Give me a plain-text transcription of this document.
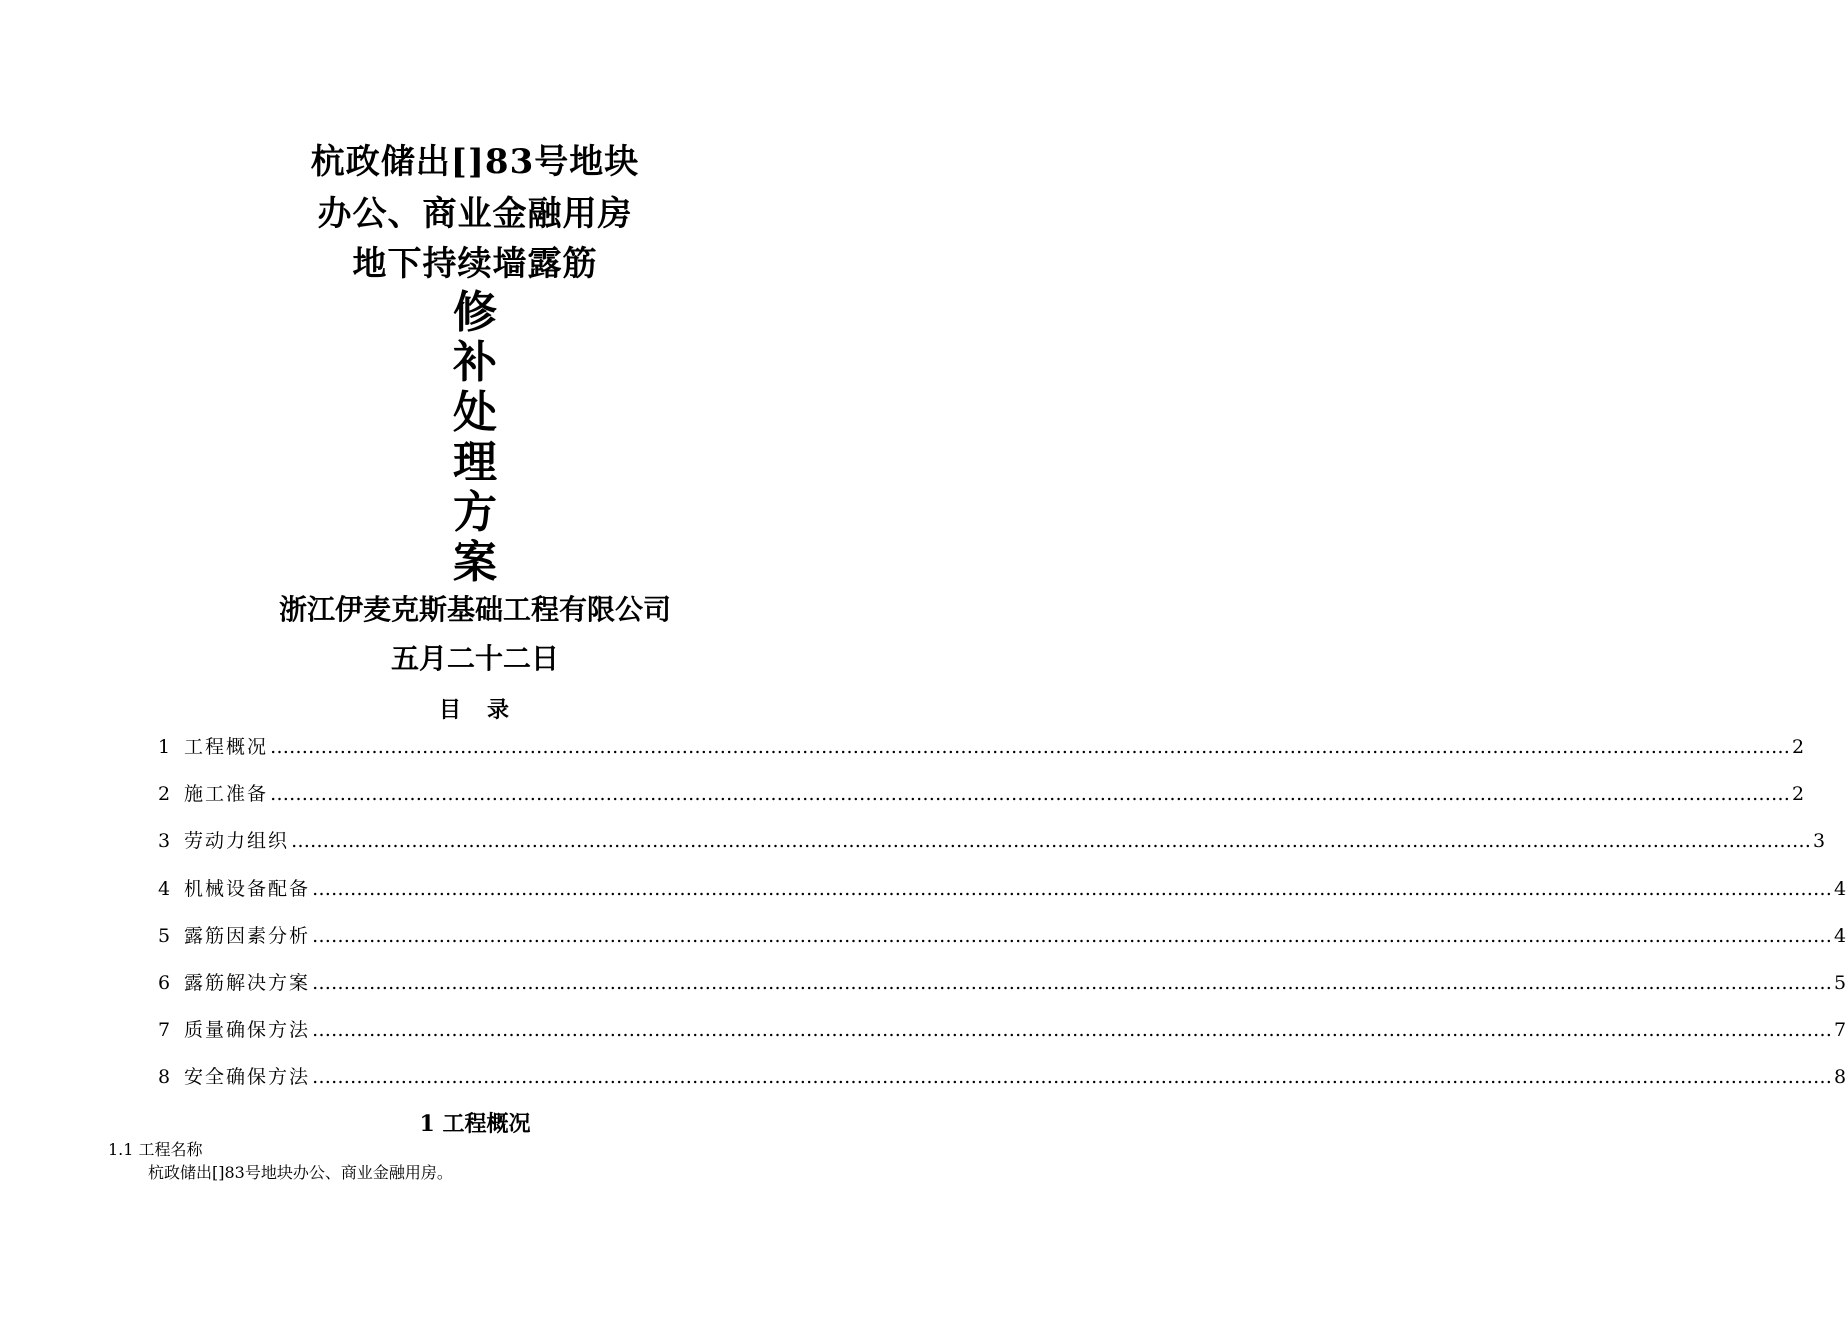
杭政储出[]83号地块
办公、商业金融用房
地下持续墙露筋
修
补
处
理
方
案
浙江伊麦克斯基础工程有限公司
五月二十二日
目　录
1 工程概况 …………………………………………………………………………………………………………………………………………………………………………………………………………………… 2
2 施工准备 …………………………………………………………………………………………………………………………………………………………………………………………………………………… 2
3 劳动力组织 …………………………………………………………………………………………………………………………………………………………………………………………………………………… 3
4 机械设备配备 …………………………………………………………………………………………………………………………………………………………………………………………………………………… 4
5 露筋因素分析 …………………………………………………………………………………………………………………………………………………………………………………………………………………… 4
6 露筋解决方案 …………………………………………………………………………………………………………………………………………………………………………………………………………………… 5
7 质量确保方法 …………………………………………………………………………………………………………………………………………………………………………………………………………………… 7
8 安全确保方法 …………………………………………………………………………………………………………………………………………………………………………………………………………………… 8
1 工程概况
1.1 工程名称
杭政储出[]83号地块办公、商业金融用房。
